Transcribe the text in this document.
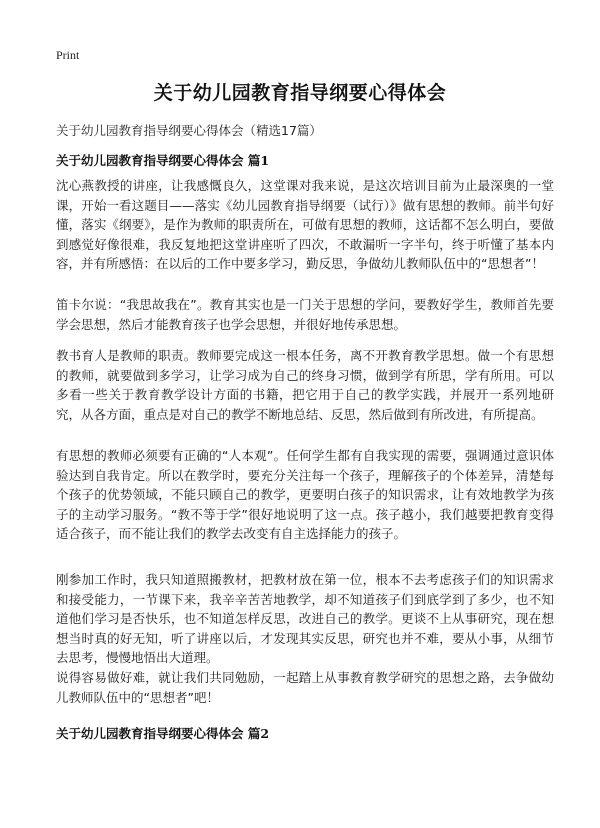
Print
关于幼儿园教育指导纲要心得体会
关于幼儿园教育指导纲要心得体会（精选17篇）
关于幼儿园教育指导纲要心得体会 篇1
沈心燕教授的讲座，让我感慨良久，这堂课对我来说，是这次培训目前为止最深奥的一堂课，开始一看这题目——落实《幼儿园教育指导纲要（试行）》做有思想的教师。前半句好懂，落实《纲要》，是作为教师的职责所在，可做有思想的教师，这话都不怎么明白，要做到感觉好像很难，我反复地把这堂讲座听了四次，不敢漏听一字半句，终于听懂了基本内容，并有所感悟：在以后的工作中要多学习，勤反思，争做幼儿教师队伍中的“思想者”！
笛卡尔说：“我思故我在”。教育其实也是一门关于思想的学问，要教好学生，教师首先要学会思想，然后才能教育孩子也学会思想，并很好地传承思想。
教书育人是教师的职责。教师要完成这一根本任务，离不开教育教学思想。做一个有思想的教师，就要做到多学习，让学习成为自己的终身习惯，做到学有所思，学有所用。可以多看一些关于教育教学设计方面的书籍，把它用于自己的教学实践，并展开一系列地研究，从各方面，重点是对自己的教学不断地总结、反思，然后做到有所改进，有所提高。
有思想的教师必须要有正确的“人本观”。任何学生都有自我实现的需要，强调通过意识体验达到自我肯定。所以在教学时，要充分关注每一个孩子，理解孩子的个体差异，清楚每个孩子的优势领域，不能只顾自己的教学，更要明白孩子的知识需求，让有效地教学为孩子的主动学习服务。“教不等于学”很好地说明了这一点。孩子越小，我们越要把教育变得适合孩子，而不能让我们的教学去改变有自主选择能力的孩子。
刚参加工作时，我只知道照搬教材，把教材放在第一位，根本不去考虑孩子们的知识需求和接受能力，一节课下来，我辛辛苦苦地教学，却不知道孩子们到底学到了多少，也不知道他们学习是否快乐，也不知道怎样反思，改进自己的教学。更谈不上从事研究，现在想想当时真的好无知，听了讲座以后，才发现其实反思，研究也并不难，要从小事，从细节去思考，慢慢地悟出大道理。
说得容易做好难，就让我们共同勉励，一起踏上从事教育教学研究的思想之路，去争做幼儿教师队伍中的“思想者”吧！
关于幼儿园教育指导纲要心得体会 篇2
